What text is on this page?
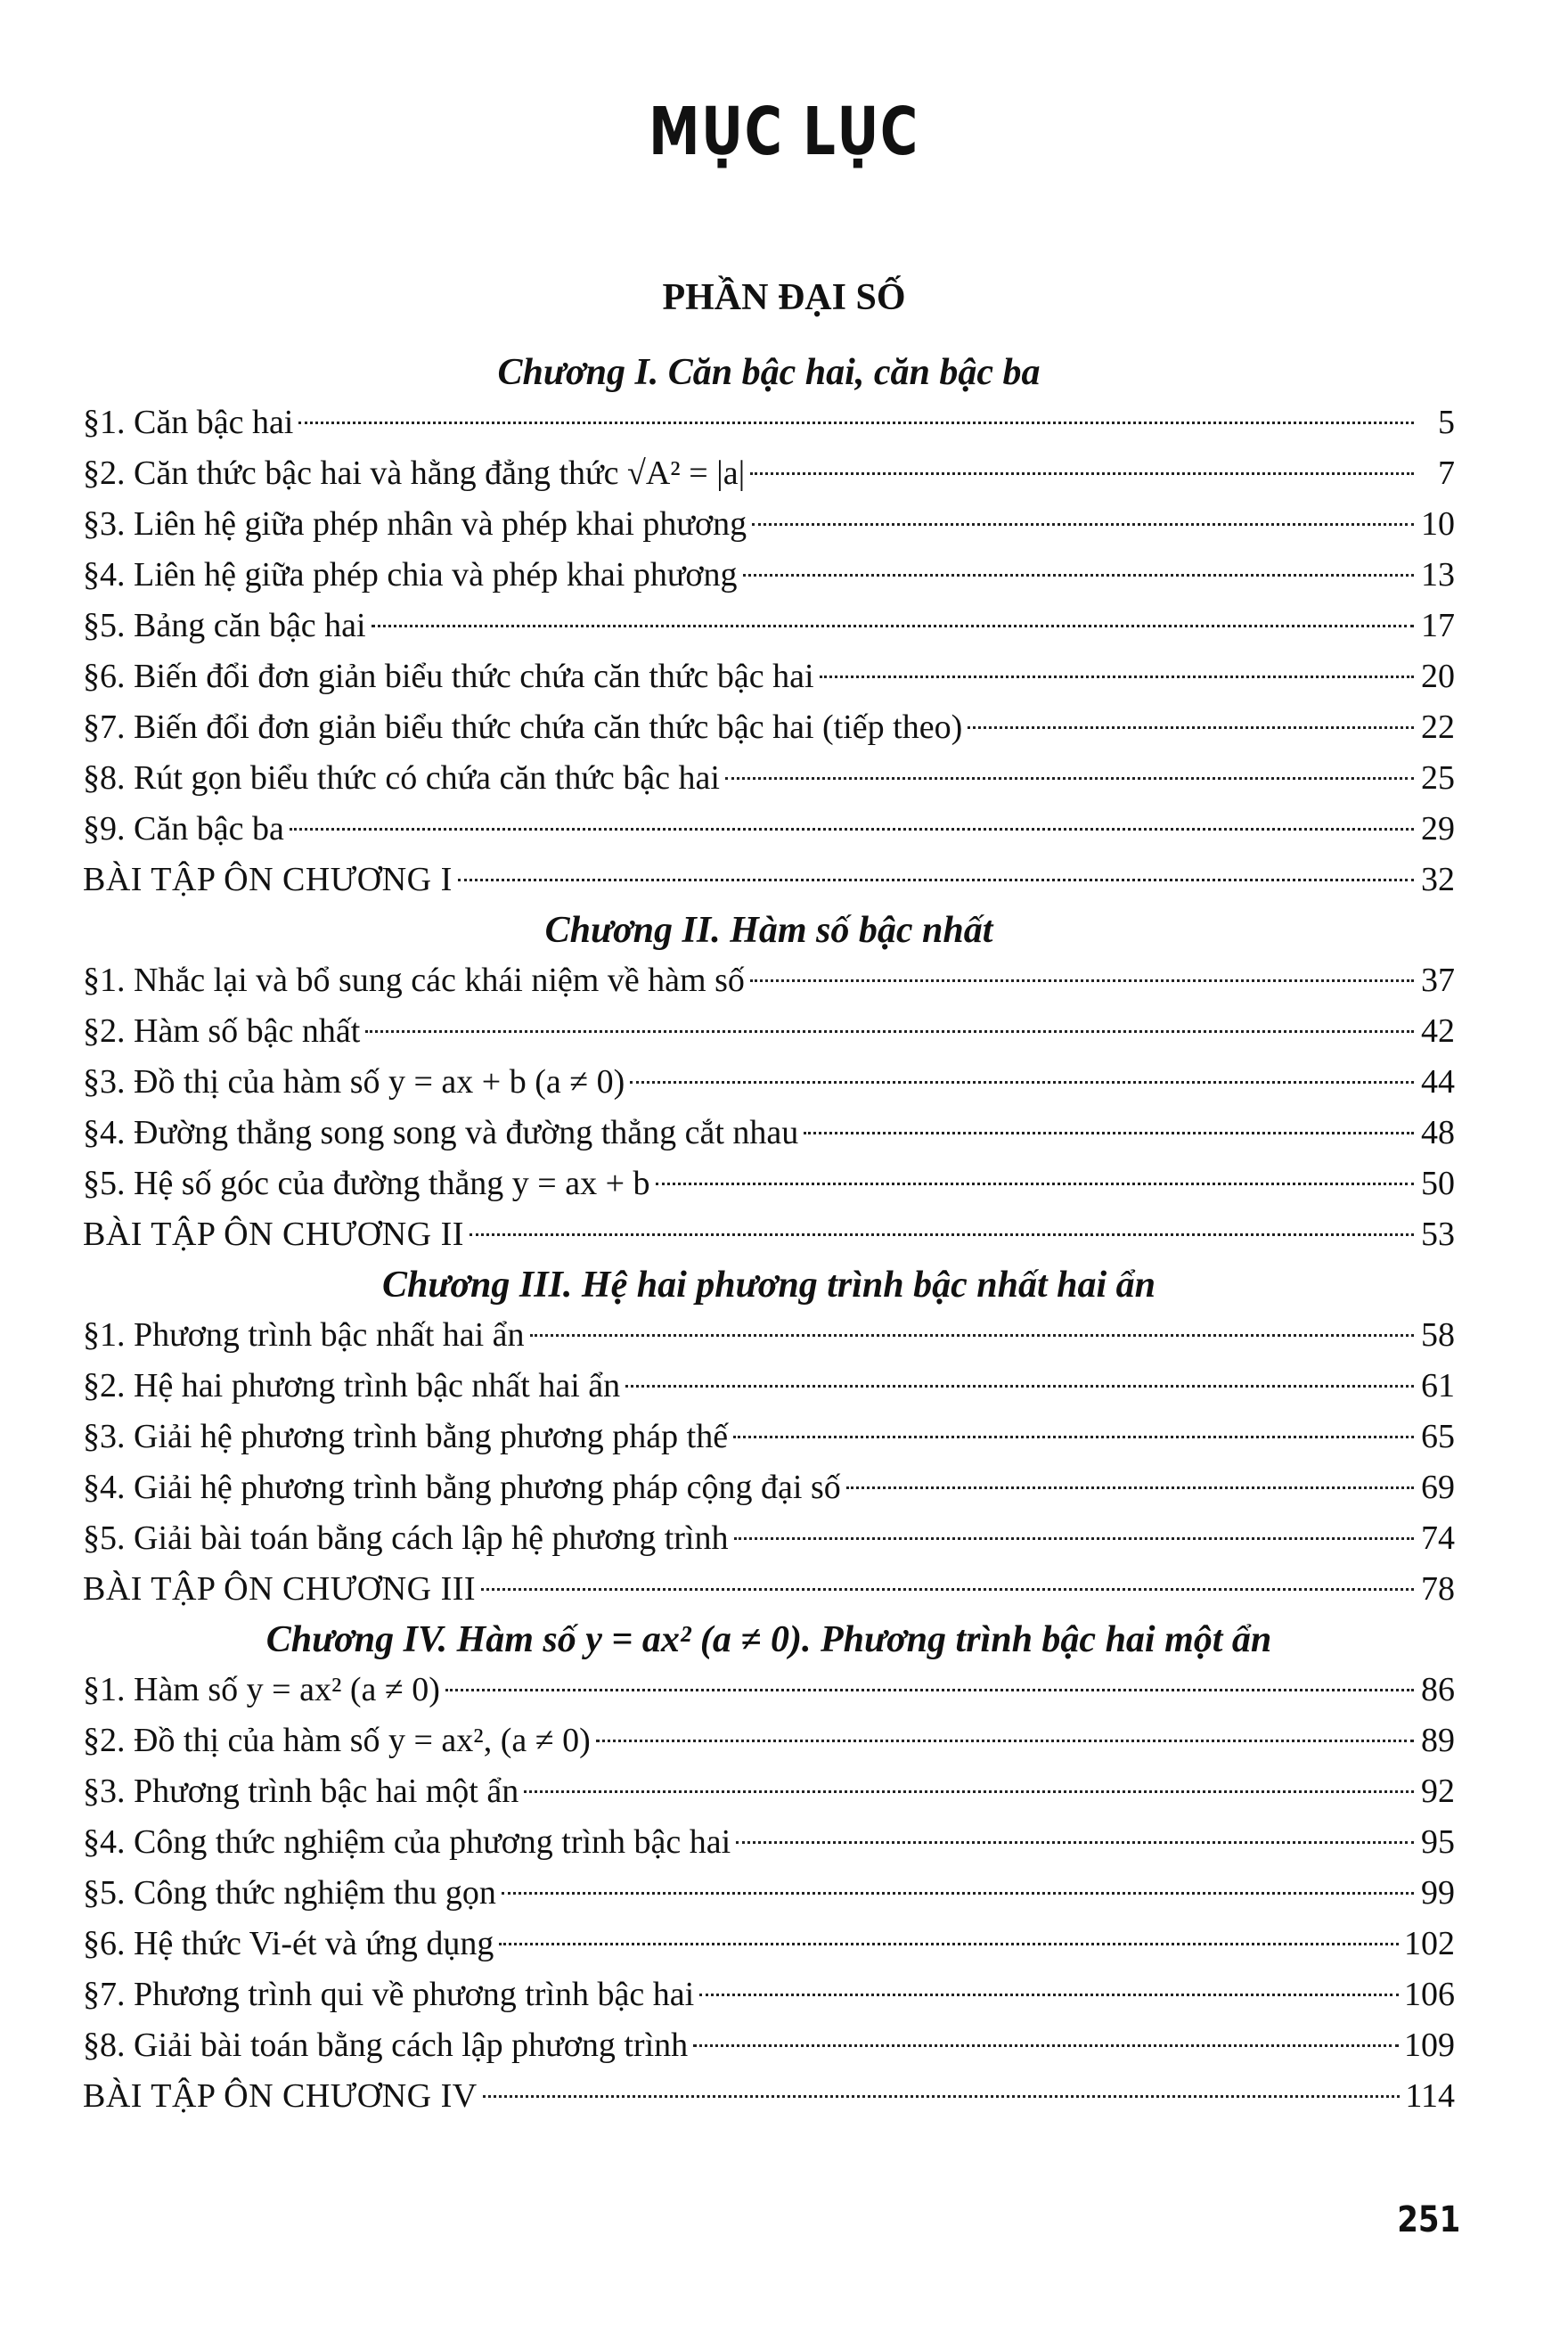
MỤC LỤC
PHẦN ĐẠI SỐ
Chương I. Căn bậc hai, căn bậc ba
§1. Căn bậc hai	5
§2. Căn thức bậc hai và hằng đẳng thức √A² = |a|	7
§3. Liên hệ giữa phép nhân và phép khai phương	10
§4. Liên hệ giữa phép chia và phép khai phương	13
§5. Bảng căn bậc hai	17
§6. Biến đổi đơn giản biểu thức chứa căn thức bậc hai	20
§7. Biến đổi đơn giản biểu thức chứa căn thức bậc hai (tiếp theo)	22
§8. Rút gọn biểu thức có chứa căn thức bậc hai	25
§9. Căn bậc ba	29
BÀI TẬP ÔN CHƯƠNG I	32
Chương II. Hàm số bậc nhất
§1. Nhắc lại và bổ sung các khái niệm về hàm số	37
§2. Hàm số bậc nhất	42
§3. Đồ thị của hàm số y = ax + b (a ≠ 0)	44
§4. Đường thẳng song song và đường thẳng cắt nhau	48
§5. Hệ số góc của đường thẳng y = ax + b	50
BÀI TẬP ÔN CHƯƠNG II	53
Chương III. Hệ hai phương trình bậc nhất hai ẩn
§1. Phương trình bậc nhất hai ẩn	58
§2. Hệ hai phương trình bậc nhất hai ẩn	61
§3. Giải hệ phương trình bằng phương pháp thế	65
§4. Giải hệ phương trình bằng phương pháp cộng đại số	69
§5. Giải bài toán bằng cách lập hệ phương trình	74
BÀI TẬP ÔN CHƯƠNG III	78
Chương IV. Hàm số y = ax² (a ≠ 0). Phương trình bậc hai một ẩn
§1. Hàm số y = ax² (a ≠ 0)	86
§2. Đồ thị của hàm số y = ax², (a ≠ 0)	89
§3. Phương trình bậc hai một ẩn	92
§4. Công thức nghiệm của phương trình bậc hai	95
§5. Công thức nghiệm thu gọn	99
§6. Hệ thức Vi-ét và ứng dụng	102
§7. Phương trình qui về phương trình bậc hai	106
§8. Giải bài toán bằng cách lập phương trình	109
BÀI TẬP ÔN CHƯƠNG IV	114
251
